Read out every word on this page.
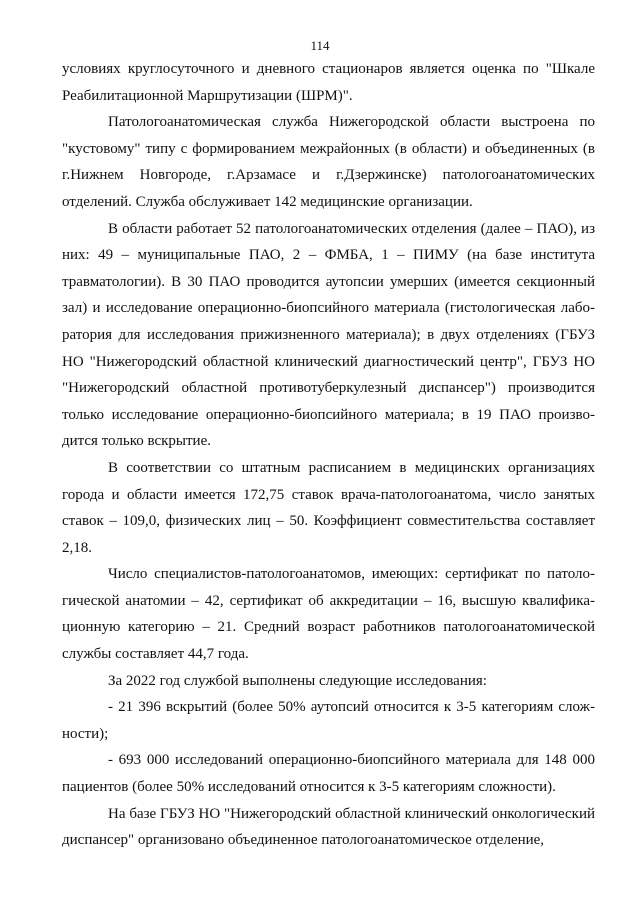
114

условиях круглосуточного и дневного стационаров является оценка по "Шкале Реабилитационной Маршрутизации (ШРМ)".

Патологоанатомическая служба Нижегородской области выстроена по "кустовому" типу с формированием межрайонных (в области) и объединенных (в г.Нижнем Новгороде, г.Арзамасе и г.Дзержинске) патологоанатомических отделений. Служба обслуживает 142 медицинские организации.

В области работает 52 патологоанатомических отделения (далее – ПАО), из них: 49 – муниципальные ПАО, 2 – ФМБА, 1 – ПИМУ (на базе института травматологии). В 30 ПАО проводится аутопсии умерших (имеется секционный зал) и исследование операционно-биопсийного материала (гистологическая лаборатория для исследования прижизненного материала); в двух отделениях (ГБУЗ НО "Нижегородский областной клинический диагностический центр", ГБУЗ НО "Нижегородский областной противотуберкулезный диспансер") производится только исследование операционно-биопсийного материала; в 19 ПАО производится только вскрытие.

В соответствии со штатным расписанием в медицинских организациях города и области имеется 172,75 ставок врача-патологоанатома, число занятых ставок – 109,0, физических лиц – 50. Коэффициент совместительства составляет 2,18.

Число специалистов-патологоанатомов, имеющих: сертификат по патологической анатомии – 42, сертификат об аккредитации – 16, высшую квалификационную категорию – 21. Средний возраст работников патологоанатомической службы составляет 44,7 года.

За 2022 год службой выполнены следующие исследования:

- 21 396 вскрытий (более 50% аутопсий относится к 3-5 категориям сложности);

- 693 000 исследований операционно-биопсийного материала для 148 000 пациентов (более 50% исследований относится к 3-5 категориям сложности).

На базе ГБУЗ НО "Нижегородский областной клинический онкологический диспансер" организовано объединенное патологоанатомическое отделение,
